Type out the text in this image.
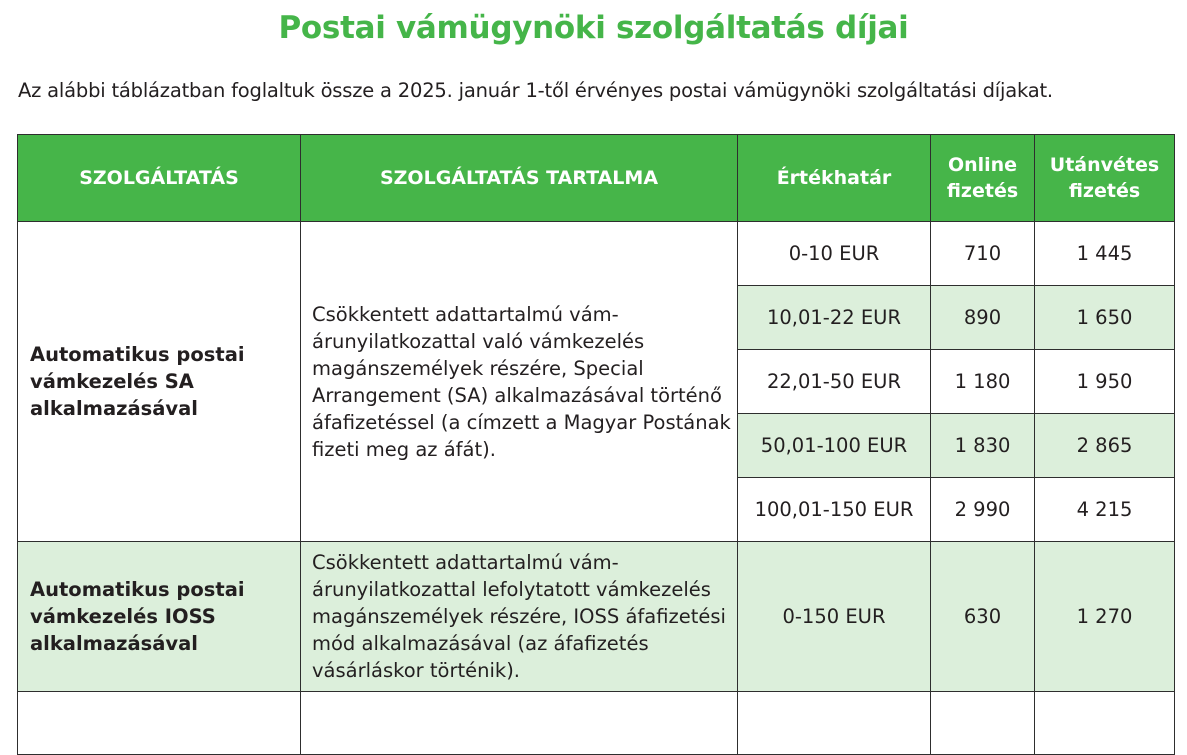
Postai vámügynöki szolgáltatás díjai
Az alábbi táblázatban foglaltuk össze a 2025. január 1-től érvényes postai vámügynöki szolgáltatási díjakat.
SZOLGÁLTATÁS	SZOLGÁLTATÁS TARTALMA	Értékhatár	Online fizetés	Utánvétes fizetés
Automatikus postai vámkezelés SA alkalmazásával	Csökkentett adattartalmú vám-árunyilatkozattal való vámkezelés magánszemélyek részére, Special Arrangement (SA) alkalmazásával történő áfafizetéssel (a címzett a Magyar Postának fizeti meg az áfát).	0-10 EUR	710	1 445
		10,01-22 EUR	890	1 650
		22,01-50 EUR	1 180	1 950
		50,01-100 EUR	1 830	2 865
		100,01-150 EUR	2 990	4 215
Automatikus postai vámkezelés IOSS alkalmazásával	Csökkentett adattartalmú vám-árunyilatkozattal lefolytatott vámkezelés magánszemélyek részére, IOSS áfafizetési mód alkalmazásával (az áfafizetés vásárláskor történik).	0-150 EUR	630	1 270
